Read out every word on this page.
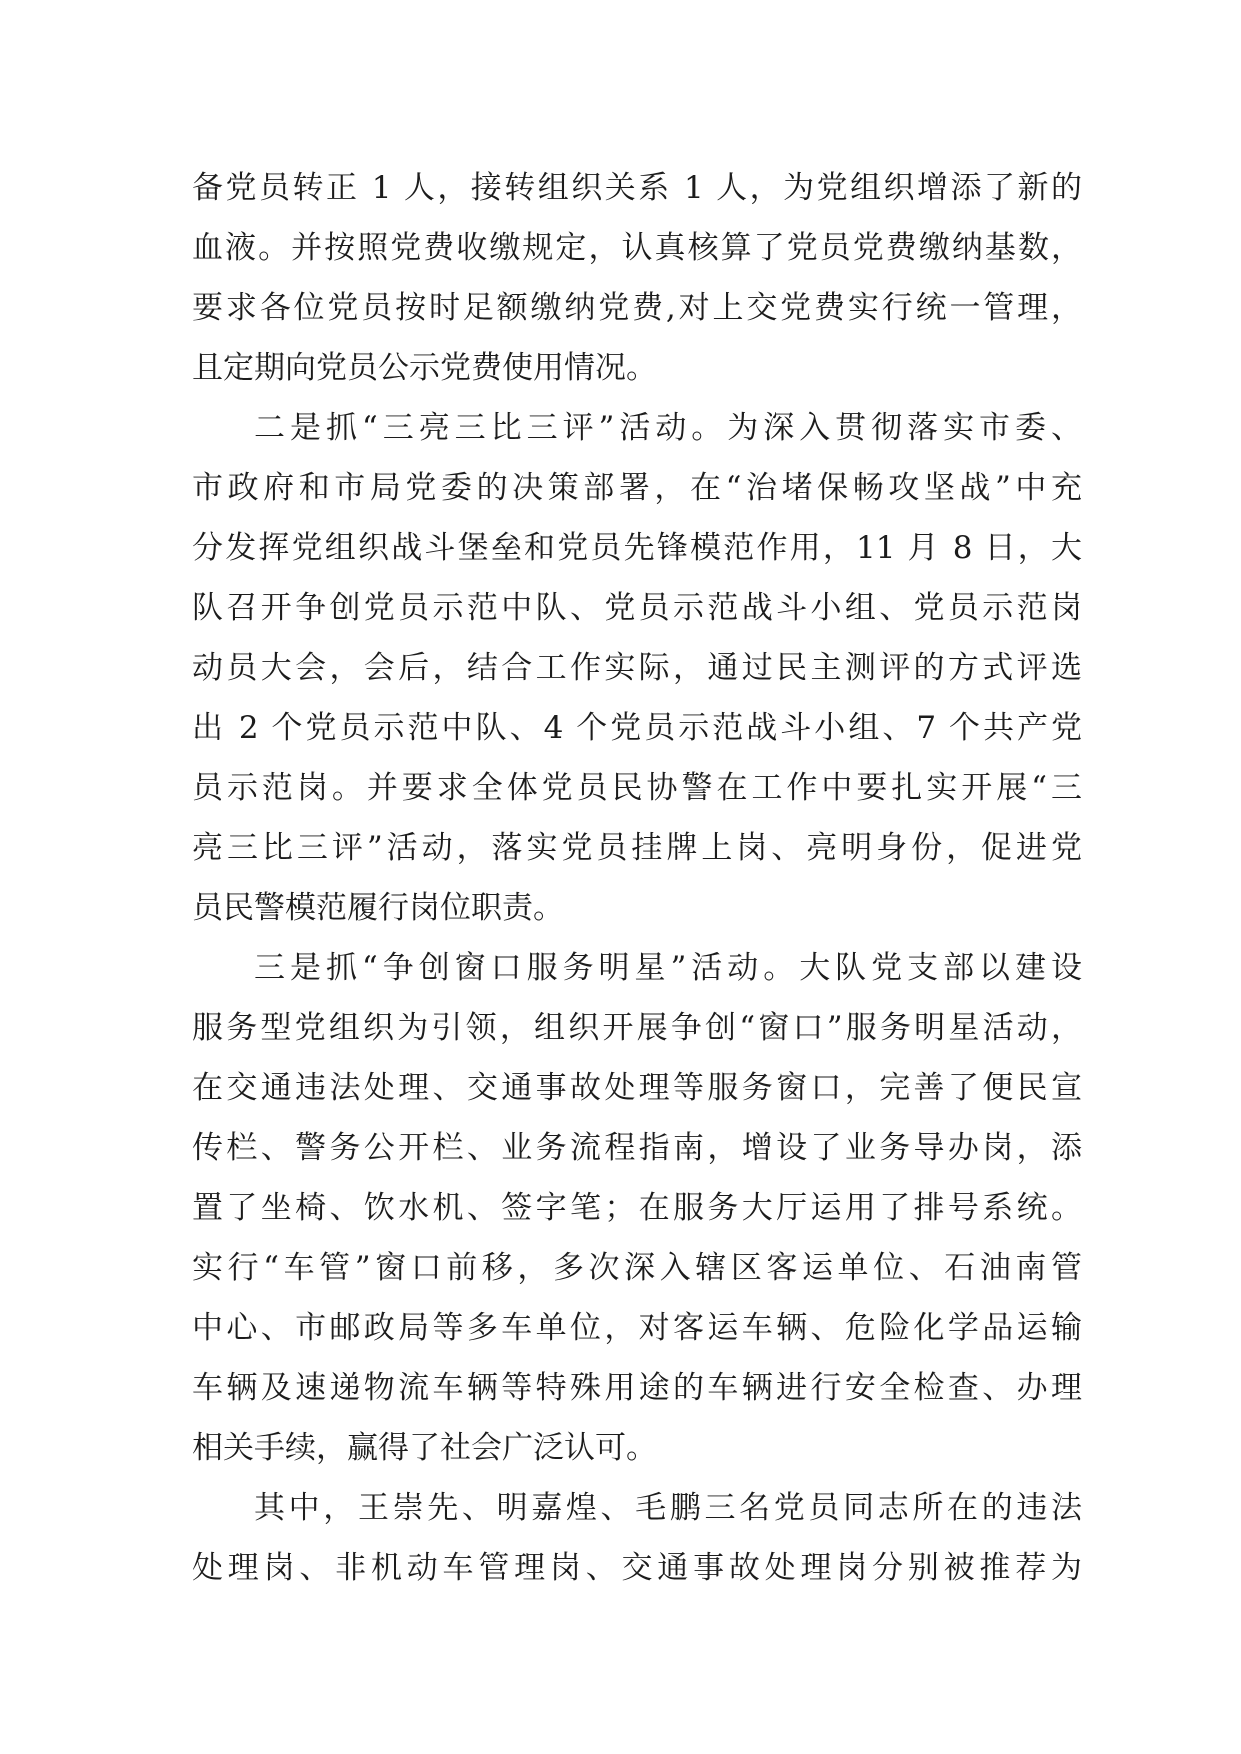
备党员转正 1 人，接转组织关系 1 人，为党组织增添了新的
血液。并按照党费收缴规定，认真核算了党员党费缴纳基数，
要求各位党员按时足额缴纳党费,对上交党费实行统一管理，
且定期向党员公示党费使用情况。
二是抓“三亮三比三评”活动。为深入贯彻落实市委、
市政府和市局党委的决策部署，在“治堵保畅攻坚战”中充
分发挥党组织战斗堡垒和党员先锋模范作用，11 月 8 日，大
队召开争创党员示范中队、党员示范战斗小组、党员示范岗
动员大会，会后，结合工作实际，通过民主测评的方式评选
出 2 个党员示范中队、4 个党员示范战斗小组、7 个共产党
员示范岗。并要求全体党员民协警在工作中要扎实开展“三
亮三比三评”活动，落实党员挂牌上岗、亮明身份，促进党
员民警模范履行岗位职责。
三是抓“争创窗口服务明星”活动。大队党支部以建设
服务型党组织为引领，组织开展争创“窗口”服务明星活动，
在交通违法处理、交通事故处理等服务窗口，完善了便民宣
传栏、警务公开栏、业务流程指南，增设了业务导办岗，添
置了坐椅、饮水机、签字笔；在服务大厅运用了排号系统。
实行“车管”窗口前移，多次深入辖区客运单位、石油南管
中心、市邮政局等多车单位，对客运车辆、危险化学品运输
车辆及速递物流车辆等特殊用途的车辆进行安全检查、办理
相关手续，赢得了社会广泛认可。
其中，王崇先、明嘉煌、毛鹏三名党员同志所在的违法
处理岗、非机动车管理岗、交通事故处理岗分别被推荐为
